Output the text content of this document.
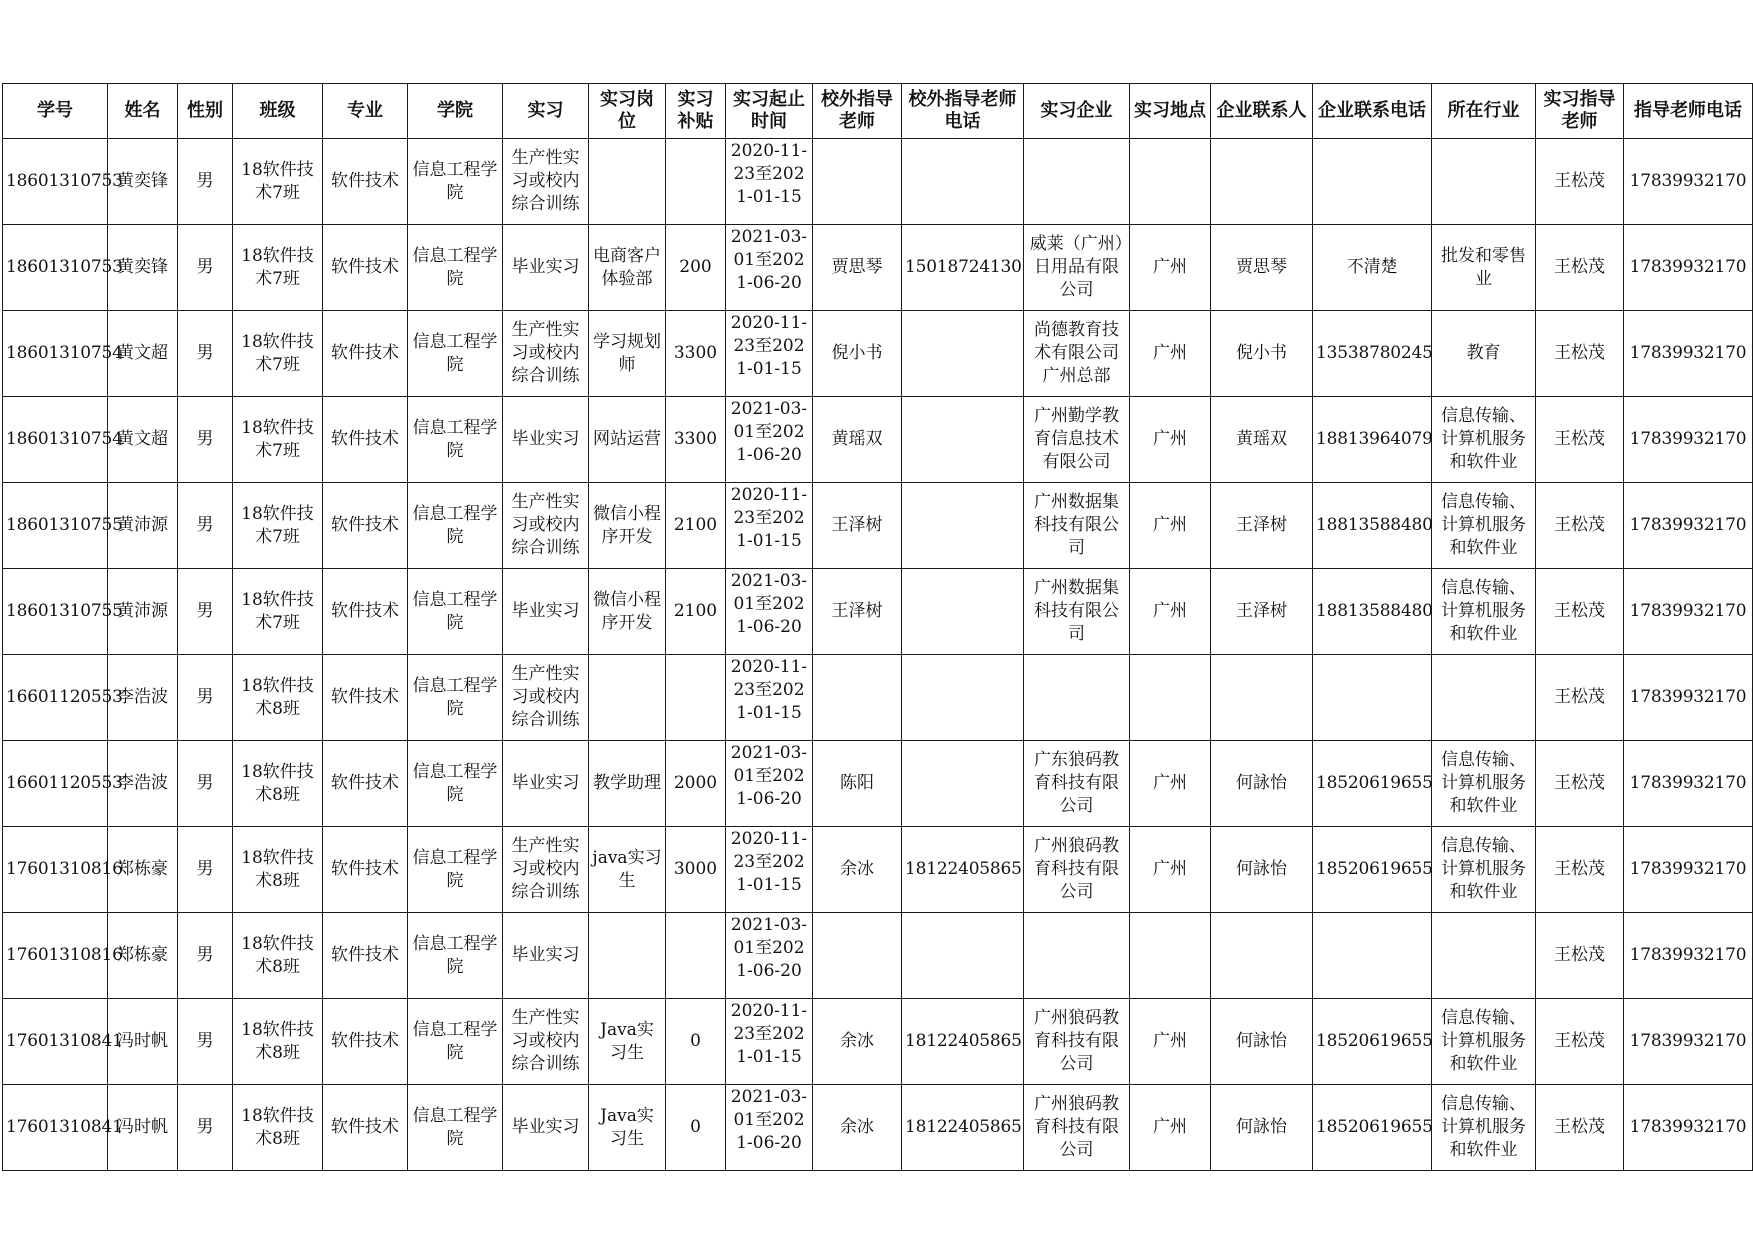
学号	姓名	性别	班级	专业	学院	实习	实习岗位	实习补贴	实习起止时间	校外指导老师	校外指导老师电话	实习企业	实习地点	企业联系人	企业联系电话	所在行业	实习指导老师	指导老师电话
18601310753	黄奕锋	男	18软件技术7班	软件技术	信息工程学院	生产性实习或校内综合训练			2020-11-23至2021-01-15								王松茂	17839932170
18601310753	黄奕锋	男	18软件技术7班	软件技术	信息工程学院	毕业实习	电商客户体验部	200	2021-03-01至2021-06-20	贾思琴	15018724130	威莱（广州）日用品有限公司	广州	贾思琴	不清楚	批发和零售业	王松茂	17839932170
18601310754	黄文超	男	18软件技术7班	软件技术	信息工程学院	生产性实习或校内综合训练	学习规划师	3300	2020-11-23至2021-01-15	倪小书		尚德教育技术有限公司广州总部	广州	倪小书	13538780245	教育	王松茂	17839932170
18601310754	黄文超	男	18软件技术7班	软件技术	信息工程学院	毕业实习	网站运营	3300	2021-03-01至2021-06-20	黄瑶双		广州勤学教育信息技术有限公司	广州	黄瑶双	18813964079	信息传输、计算机服务和软件业	王松茂	17839932170
18601310755	黄沛源	男	18软件技术7班	软件技术	信息工程学院	生产性实习或校内综合训练	微信小程序开发	2100	2020-11-23至2021-01-15	王泽树		广州数据集科技有限公司	广州	王泽树	18813588480	信息传输、计算机服务和软件业	王松茂	17839932170
18601310755	黄沛源	男	18软件技术7班	软件技术	信息工程学院	毕业实习	微信小程序开发	2100	2021-03-01至2021-06-20	王泽树		广州数据集科技有限公司	广州	王泽树	18813588480	信息传输、计算机服务和软件业	王松茂	17839932170
16601120553	李浩波	男	18软件技术8班	软件技术	信息工程学院	生产性实习或校内综合训练			2020-11-23至2021-01-15								王松茂	17839932170
16601120553	李浩波	男	18软件技术8班	软件技术	信息工程学院	毕业实习	教学助理	2000	2021-03-01至2021-06-20	陈阳		广东狼码教育科技有限公司	广州	何詠怡	18520619655	信息传输、计算机服务和软件业	王松茂	17839932170
17601310816	郑栋豪	男	18软件技术8班	软件技术	信息工程学院	生产性实习或校内综合训练	java实习生	3000	2020-11-23至2021-01-15	余冰	18122405865	广州狼码教育科技有限公司	广州	何詠怡	18520619655	信息传输、计算机服务和软件业	王松茂	17839932170
17601310816	郑栋豪	男	18软件技术8班	软件技术	信息工程学院	毕业实习			2021-03-01至2021-06-20								王松茂	17839932170
17601310841	冯时帆	男	18软件技术8班	软件技术	信息工程学院	生产性实习或校内综合训练	Java实习生	0	2020-11-23至2021-01-15	余冰	18122405865	广州狼码教育科技有限公司	广州	何詠怡	18520619655	信息传输、计算机服务和软件业	王松茂	17839932170
17601310841	冯时帆	男	18软件技术8班	软件技术	信息工程学院	毕业实习	Java实习生	0	2021-03-01至2021-06-20	余冰	18122405865	广州狼码教育科技有限公司	广州	何詠怡	18520619655	信息传输、计算机服务和软件业	王松茂	17839932170
